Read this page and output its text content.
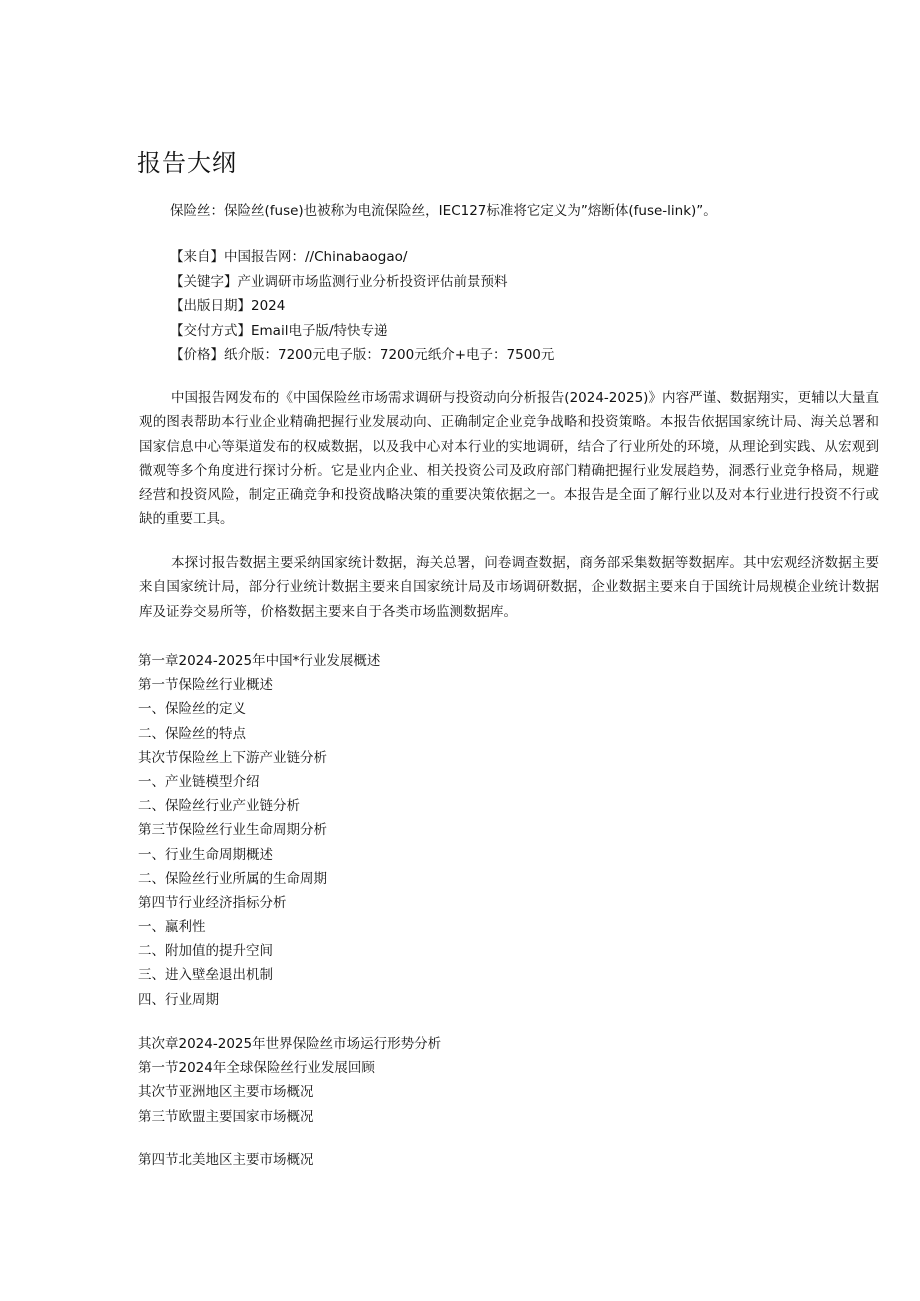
报告大纲
保险丝：保险丝(fuse)也被称为电流保险丝，IEC127标准将它定义为”熔断体(fuse-link)”。
【来自】中国报告网：//Chinabaogao/
【关键字】产业调研市场监测行业分析投资评估前景预料
【出版日期】2024
【交付方式】Email电子版/特快专递
【价格】纸介版：7200元电子版：7200元纸介+电子：7500元

中国报告网发布的《中国保险丝市场需求调研与投资动向分析报告(2024-2025)》内容严谨、数据翔实，更辅以大量直观的图表帮助本行业企业精确把握行业发展动向、正确制定企业竞争战略和投资策略。本报告依据国家统计局、海关总署和国家信息中心等渠道发布的权威数据，以及我中心对本行业的实地调研，结合了行业所处的环境，从理论到实践、从宏观到微观等多个角度进行探讨分析。它是业内企业、相关投资公司及政府部门精确把握行业发展趋势，洞悉行业竞争格局，规避经营和投资风险，制定正确竞争和投资战略决策的重要决策依据之一。本报告是全面了解行业以及对本行业进行投资不行或缺的重要工具。

本探讨报告数据主要采纳国家统计数据，海关总署，问卷调查数据，商务部采集数据等数据库。其中宏观经济数据主要来自国家统计局，部分行业统计数据主要来自国家统计局及市场调研数据，企业数据主要来自于国统计局规模企业统计数据库及证券交易所等，价格数据主要来自于各类市场监测数据库。

第一章2024-2025年中国*行业发展概述
第一节保险丝行业概述
一、保险丝的定义
二、保险丝的特点
其次节保险丝上下游产业链分析
一、产业链模型介绍
二、保险丝行业产业链分析
第三节保险丝行业生命周期分析
一、行业生命周期概述
二、保险丝行业所属的生命周期
第四节行业经济指标分析
一、赢利性
二、附加值的提升空间
三、进入壁垒退出机制
四、行业周期
其次章2024-2025年世界保险丝市场运行形势分析
第一节2024年全球保险丝行业发展回顾
其次节亚洲地区主要市场概况
第三节欧盟主要国家市场概况
第四节北美地区主要市场概况
